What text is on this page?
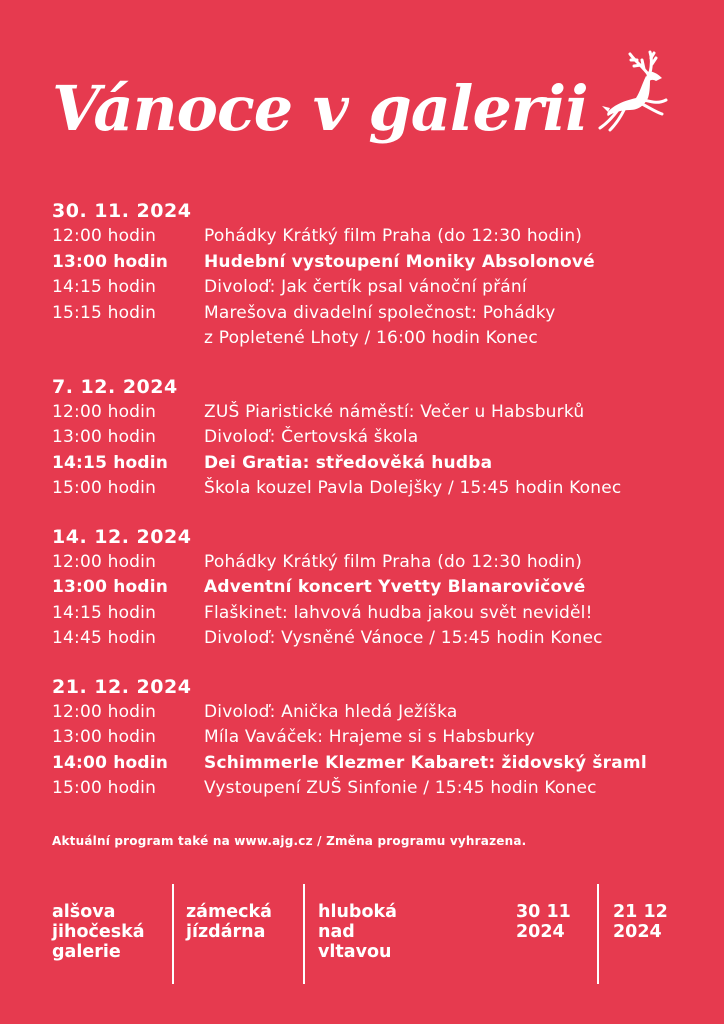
Vánoce v galerii
30. 11. 2024
12:00 hodin	Pohádky Krátký film Praha (do 12:30 hodin)
13:00 hodin	Hudební vystoupení Moniky Absolonové
14:15 hodin	Divoloď: Jak čertík psal vánoční přání
15:15 hodin	Marešova divadelní společnost: Pohádky
z Popletené Lhoty / 16:00 hodin Konec
7. 12. 2024
12:00 hodin	ZUŠ Piaristické náměstí: Večer u Habsburků
13:00 hodin	Divoloď: Čertovská škola
14:15 hodin	Dei Gratia: středověká hudba
15:00 hodin	Škola kouzel Pavla Dolejšky / 15:45 hodin Konec
14. 12. 2024
12:00 hodin	Pohádky Krátký film Praha (do 12:30 hodin)
13:00 hodin	Adventní koncert Yvetty Blanarovičové
14:15 hodin	Flaškinet: lahvová hudba jakou svět neviděl!
14:45 hodin	Divoloď: Vysněné Vánoce / 15:45 hodin Konec
21. 12. 2024
12:00 hodin	Divoloď: Anička hledá Ježíška
13:00 hodin	Míla Vaváček: Hrajeme si s Habsburky
14:00 hodin	Schimmerle Klezmer Kabaret: židovský šraml
15:00 hodin	Vystoupení ZUŠ Sinfonie / 15:45 hodin Konec
Aktuální program také na www.ajg.cz / Změna programu vyhrazena.
alšova
jihočeská
galerie
zámecká
jízdárna
hluboká
nad
vltavou
30 11
2024
21 12
2024
